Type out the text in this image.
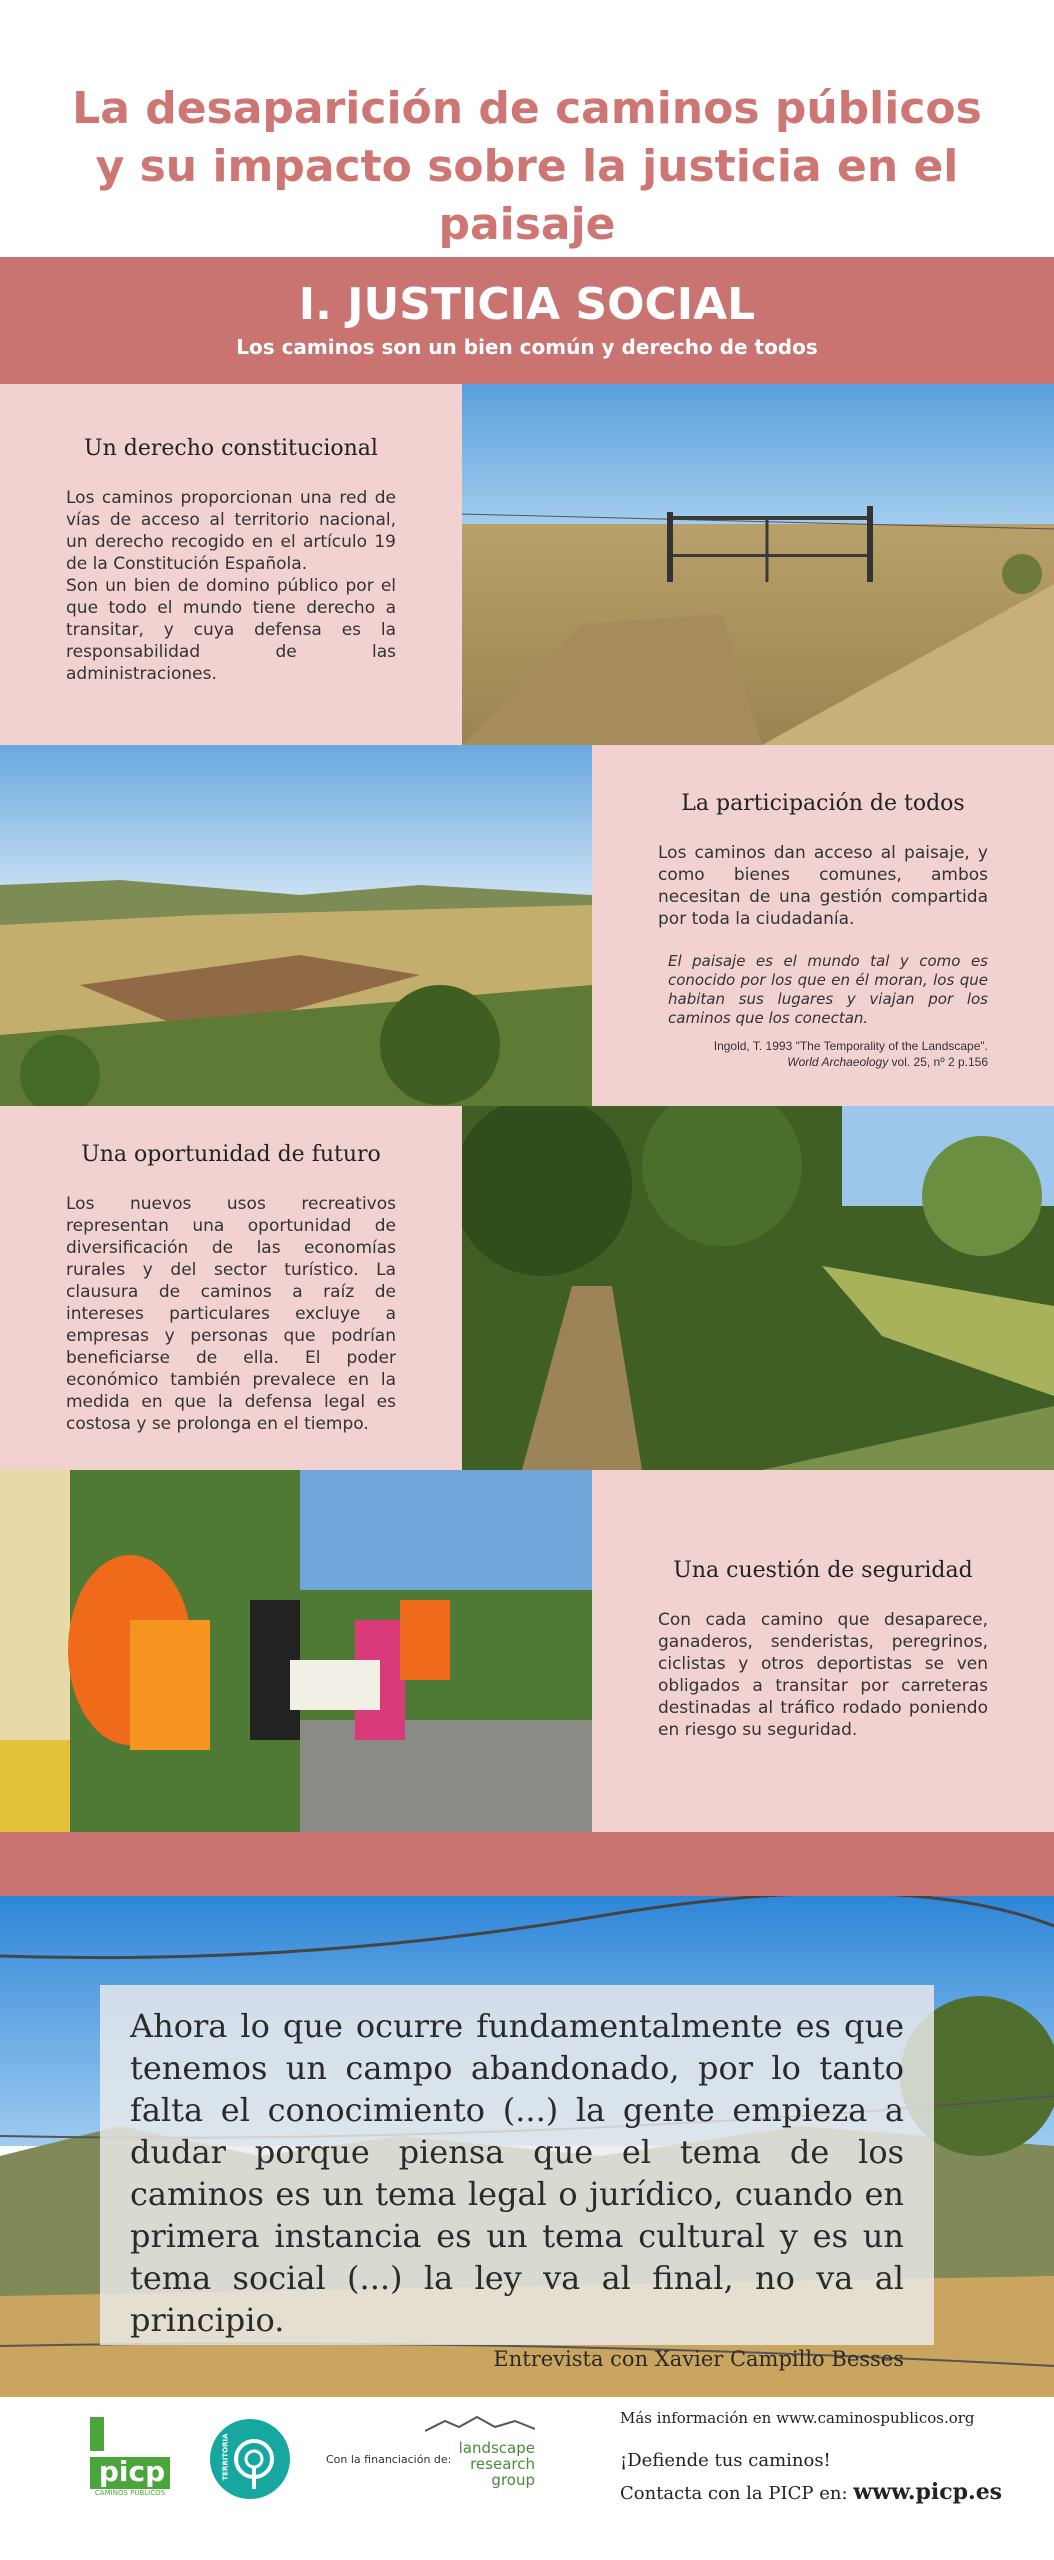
La desaparición de caminos públicos
y su impacto sobre la justicia en el paisaje
I. JUSTICIA SOCIAL
Los caminos son un bien común y derecho de todos
Un derecho constitucional

Los caminos proporcionan una red de vías de acceso al territorio nacional, un derecho recogido en el artículo 19 de la Constitución Española.

Son un bien de domino público por el que todo el mundo tiene derecho a transitar, y cuya defensa es la responsabilidad de las administraciones.

La participación de todos

Los caminos dan acceso al paisaje, y como bienes comunes, ambos necesitan de una gestión compartida por toda la ciudadanía.

El paisaje es el mundo tal y como es conocido por los que en él moran, los que habitan sus lugares y viajan por los caminos que los conectan.

Ingold, T. 1993 "The Temporality of the Landscape".
World Archaeology vol. 25, nº 2 p.156
Una oportunidad de futuro

Los nuevos usos recreativos representan una oportunidad de diversificación de las economías rurales y del sector turístico. La clausura de caminos a raíz de intereses particulares excluye a empresas y personas que podrían beneficiarse de ella. El poder económico también prevalece en la medida en que la defensa legal es costosa y se prolonga en el tiempo.

Una cuestión de seguridad

Con cada camino que desaparece, ganaderos, senderistas, peregrinos, ciclistas y otros deportistas se ven obligados a transitar por carreteras destinadas al tráfico rodado poniendo en riesgo su seguridad.

Ahora lo que ocurre fundamentalmente es que tenemos un campo abandonado, por lo tanto falta el conocimiento (...) la gente empieza a dudar porque piensa que el tema de los caminos es un tema legal o jurídico, cuando en primera instancia es un tema cultural y es un tema social (...) la ley va al final, no va al principio.
Entrevista con Xavier Campillo Besses
picp
CAMINOS PÚBLICOS
TERRITORIA	Con la financiación de:
landscape
research
group
Más información en www.caminospublicos.org
¡Defiende tus caminos!
Contacta con la PICP en: www.picp.es
